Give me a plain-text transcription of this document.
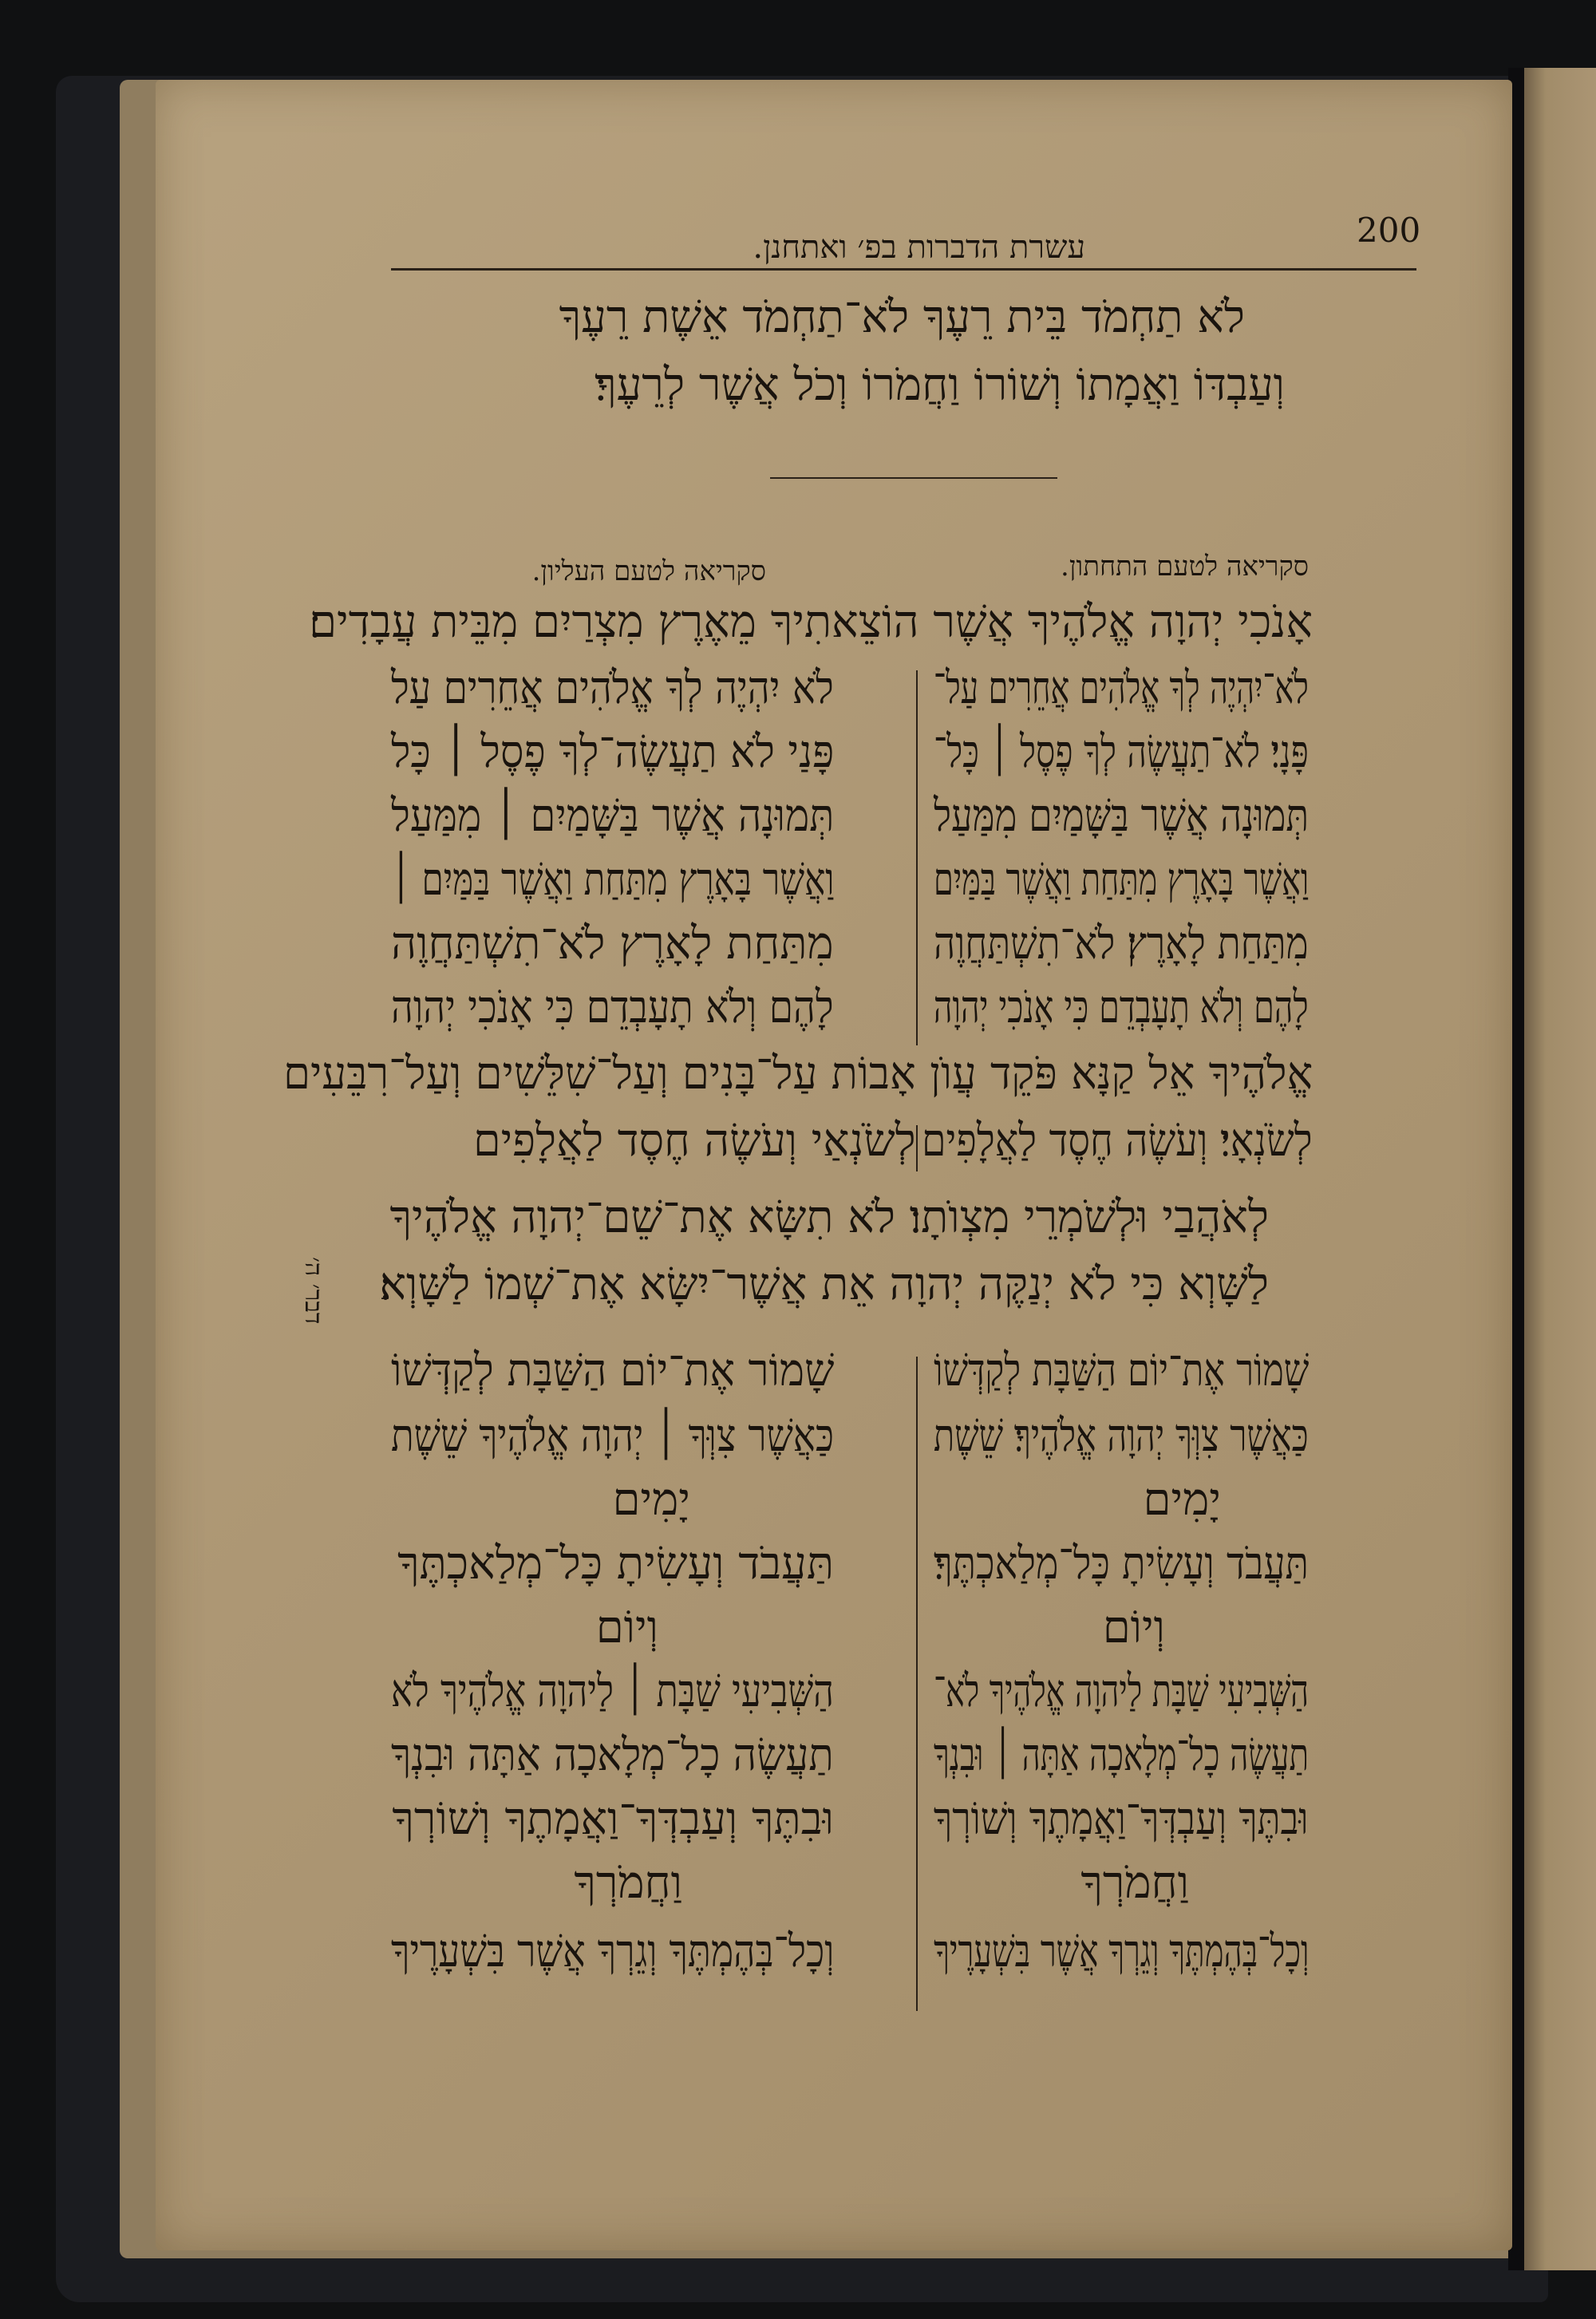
200

עשרת הדברות בפ׳ ואתחנן.

לֹא תַחְמֹד בֵּית רֵעֶךָ לֹא־תַחְמֹד אֵשֶׁת רֵעֶךָ

וְעַבְדּוֹ וַאֲמָתוֹ וְשׁוֹרוֹ וַחֲמֹרוֹ וְכֹל אֲשֶׁר לְרֵעֶךָ׃

סקריאה לטעם התחתון.

סקריאה לטעם העליון.

אָנֹכִי יְהוָה אֱלֹהֶיךָ אֲשֶׁר הוֹצֵאתִיךָ מֵאֶרֶץ מִצְרַיִם מִבֵּית עֲבָדִים׃

לֹא־יִהְיֶה לְךָ אֱלֹהִים אֲחֵרִים עַל־

פָּנָי׃ לֹא־תַעֲשֶׂה לְךָ פֶסֶל ׀ כָּל־

תְּמוּנָה אֲשֶׁר בַּשָּׁמַיִם מִמַּעַל

וַאֲשֶׁר בָּאָרֶץ מִתַּחַת וַאֲשֶׁר בַּמַּיִם

מִתַּחַת לָאָרֶץ׃ לֹא־תִשְׁתַּחֲוֶה

לָהֶם וְלֹא תָעָבְדֵם כִּי אָנֹכִי יְהוָה

לֹא יִהְיֶה לְךָ אֱלֹהִים אֲחֵרִים עַל

פָּנַי לֹא תַעֲשֶׂה־לְךָ פֶסֶל ׀ כָּל

תְּמוּנָה אֲשֶׁר בַּשָּׁמַיִם ׀ מִמַּעַל

וַאֲשֶׁר בָּאָרֶץ מִתַּחַת וַאֲשֶׁר בַּמַּיִם ׀

מִתַּחַת לָאָרֶץ לֹא־תִשְׁתַּחֲוֶה

לָהֶם וְלֹא תָעָבְדֵם כִּי אָנֹכִי יְהוָה

אֱלֹהֶיךָ אֵל קַנָּא פֹּקֵד עֲוֺן אָבוֹת עַל־בָּנִים וְעַל־שִׁלֵּשִׁים וְעַל־רִבֵּעִים

לְשֹׂנְאָי׃ וְעֹשֶׂה חֶסֶד לַאֲלָפִים

לְשֹׂנְאַי וְעֹשֶׂה חֶסֶד לַאֲלָפִים

לְאֹהֲבַי וּלְשֹׁמְרֵי מִצְוֺתָו׃ לֹא תִשָּׂא אֶת־שֵׁם־יְהוָה אֱלֹהֶיךָ

לַשָּׁוְא כִּי לֹא יְנַקֶּה יְהוָה אֵת אֲשֶׁר־יִשָּׂא אֶת־שְׁמוֹ לַשָּׁוְא׃

דבר׳ ה׳

שָׁמוֹר אֶת־יוֹם הַשַּׁבָּת לְקַדְּשׁוֹ

כַּאֲשֶׁר צִוְּךָ יְהוָה אֱלֹהֶיךָ׃ שֵׁשֶׁת

יָמִים

תַּעֲבֹד וְעָשִׂיתָ כָּל־מְלַאכְתֶּךָ׃

וְיוֹם

הַשְּׁבִיעִי שַׁבָּת לַיהוָה אֱלֹהֶיךָ לֹא־

תַעֲשֶׂה כָל־מְלָאכָה אַתָּה ׀ וּבִנְךָ

וּבִתֶּךָ וְעַבְדְּךָ־וַאֲמָתֶךָ וְשׁוֹרְךָ

וַחֲמֹרְךָ

וְכָל־בְּהֶמְתֶּךָ וְגֵרְךָ אֲשֶׁר בִּשְׁעָרֶיךָ

שָׁמוֹר אֶת־יוֹם הַשַּׁבָּת לְקַדְּשׁוֹ

כַּאֲשֶׁר צִוְּךָ ׀ יְהוָה אֱלֹהֶיךָ שֵׁשֶׁת

יָמִים

תַּעֲבֹד וְעָשִׂיתָ כָּל־מְלַאכְתֶּךָ

וְיוֹם

הַשְּׁבִיעִי שַׁבָּת ׀ לַיהוָה אֱלֹהֶיךָ לֹא

תַעֲשֶׂה כָל־מְלָאכָה אַתָּה וּבִנְךָ

וּבִתֶּךָ וְעַבְדְּךָ־וַאֲמָתֶךָ וְשׁוֹרְךָ

וַחֲמֹרְךָ

וְכָל־בְּהֶמְתֶּךָ וְגֵרְךָ אֲשֶׁר בִּשְׁעָרֶיךָ
